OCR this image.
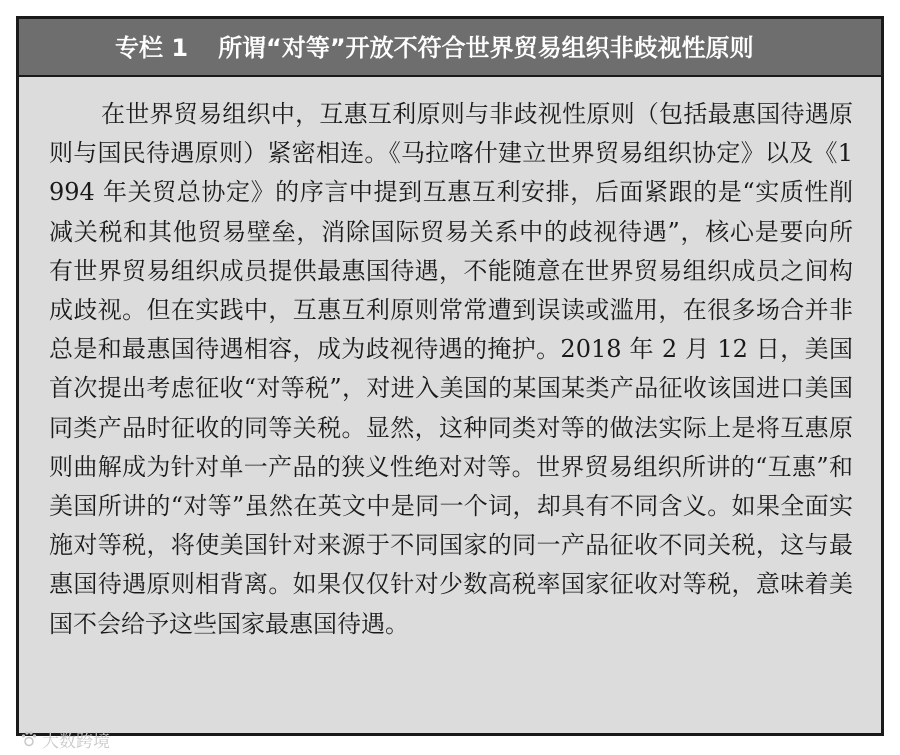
专栏 1 所谓“对等”开放不符合世界贸易组织非歧视性原则

在世界贸易组织中，互惠互利原则与非歧视性原则（包括最惠国待遇原则与国民待遇原则）紧密相连。《马拉喀什建立世界贸易组织协定》以及《1994 年关贸总协定》的序言中提到互惠互利安排，后面紧跟的是“实质性削减关税和其他贸易壁垒，消除国际贸易关系中的歧视待遇”，核心是要向所有世界贸易组织成员提供最惠国待遇，不能随意在世界贸易组织成员之间构成歧视。但在实践中，互惠互利原则常常遭到误读或滥用，在很多场合并非总是和最惠国待遇相容，成为歧视待遇的掩护。2018 年 2 月 12 日，美国首次提出考虑征收“对等税”，对进入美国的某国某类产品征收该国进口美国同类产品时征收的同等关税。显然，这种同类对等的做法实际上是将互惠原则曲解成为针对单一产品的狭义性绝对对等。世界贸易组织所讲的“互惠”和美国所讲的“对等”虽然在英文中是同一个词，却具有不同含义。如果全面实施对等税，将使美国针对来源于不同国家的同一产品征收不同关税，这与最惠国待遇原则相背离。如果仅仅针对少数高税率国家征收对等税，意味着美国不会给予这些国家最惠国待遇。

大数跨境
